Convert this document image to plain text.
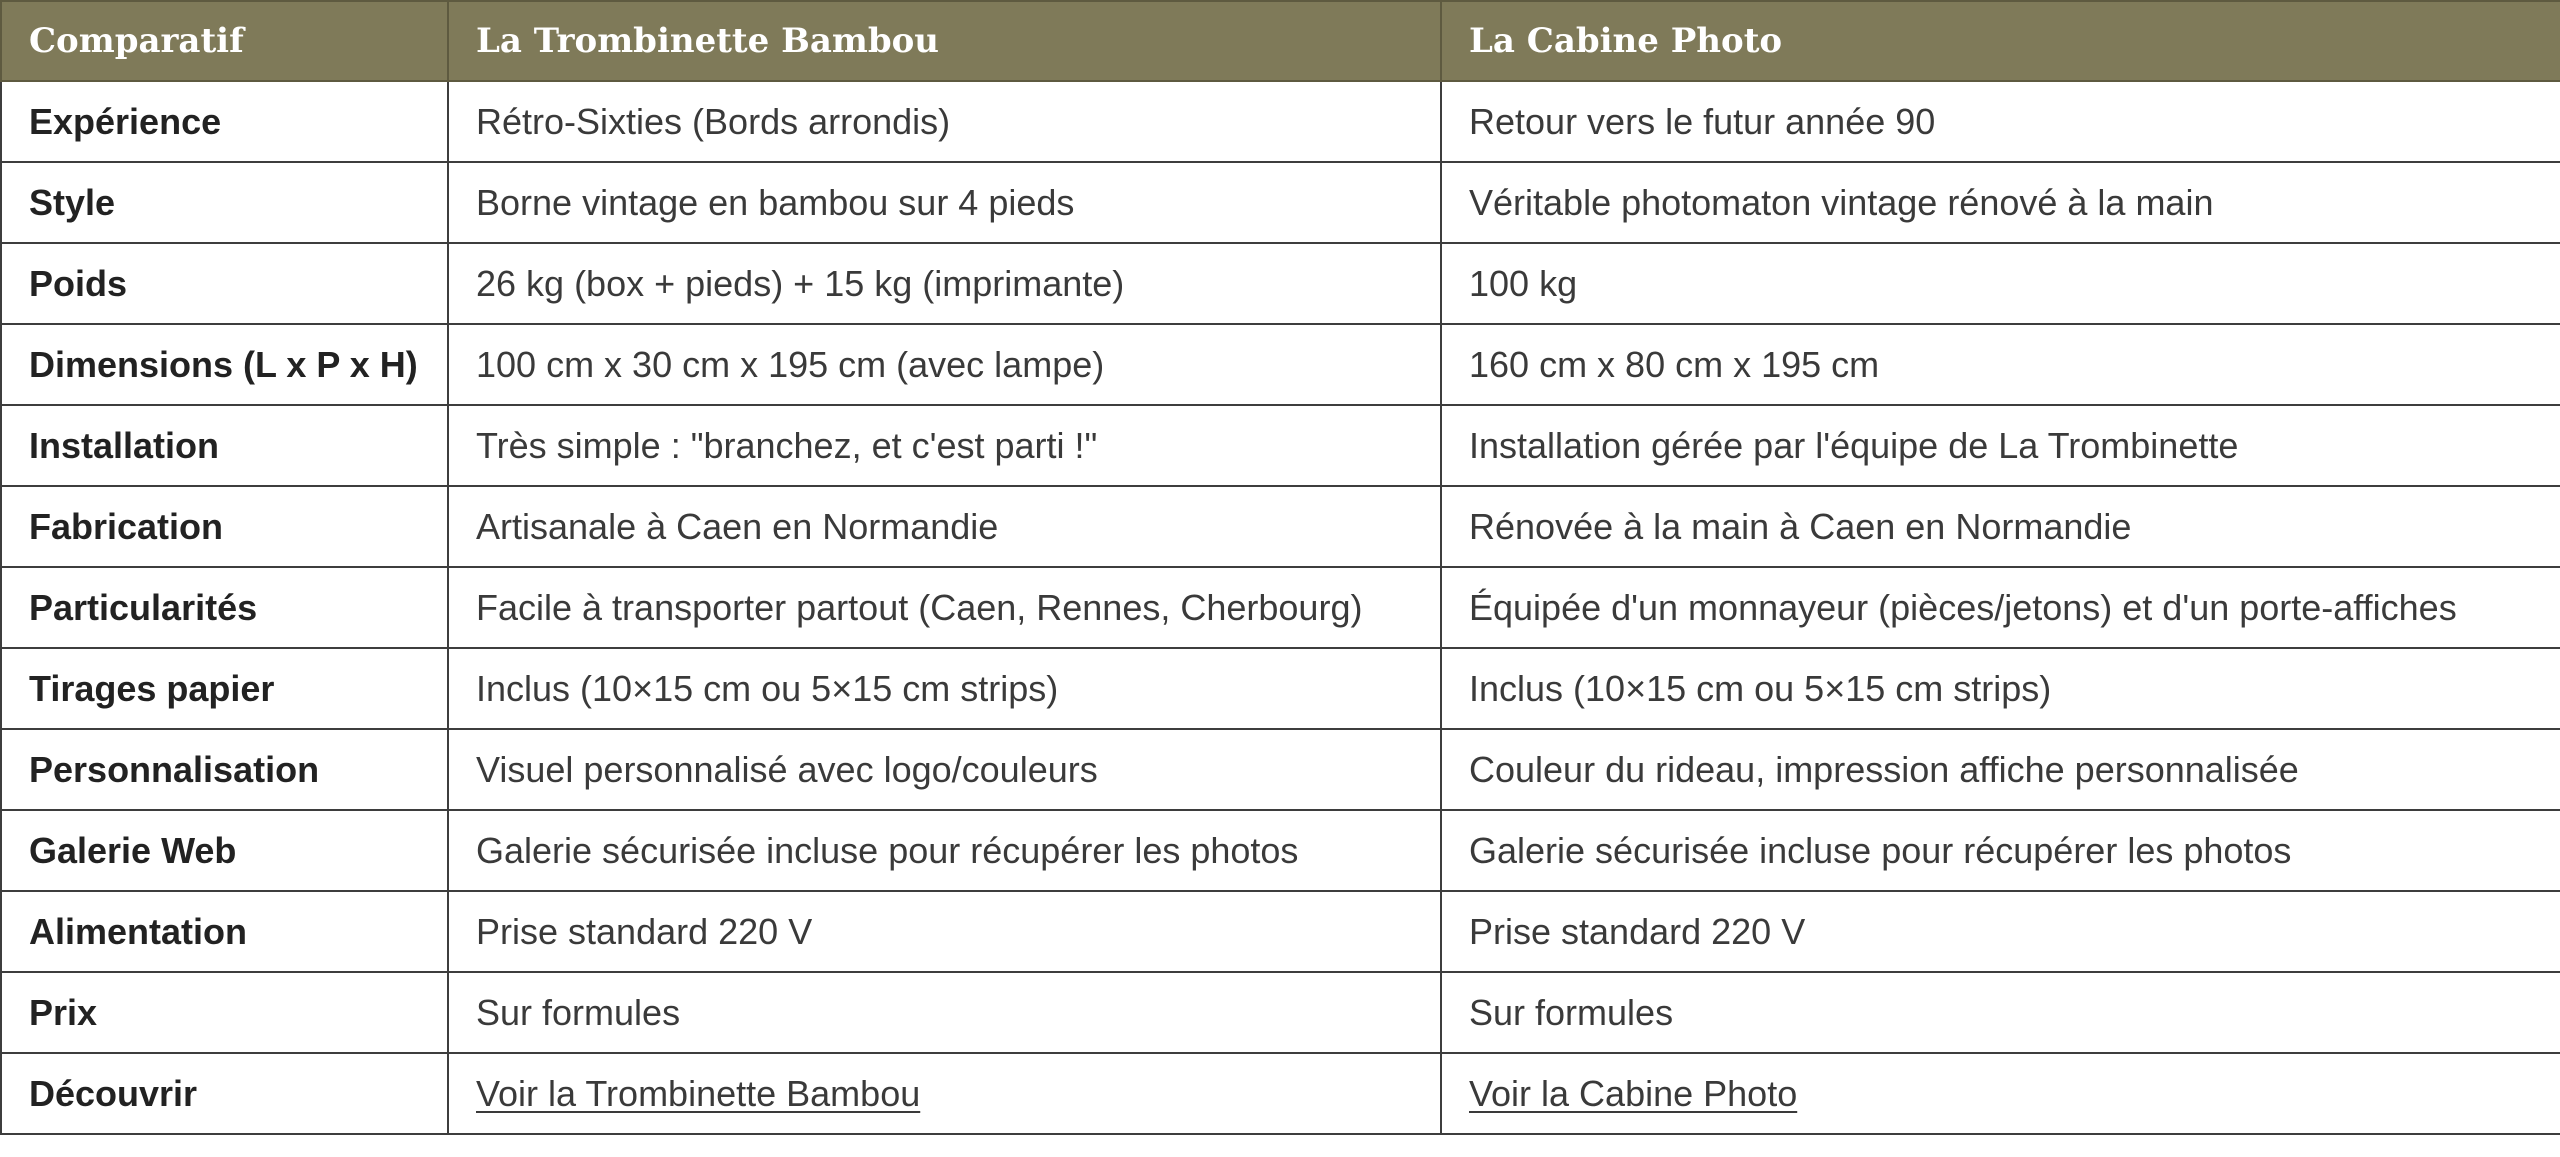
Comparatif	La Trombinette Bambou	La Cabine Photo
Expérience	Rétro-Sixties (Bords arrondis)	Retour vers le futur année 90
Style	Borne vintage en bambou sur 4 pieds	Véritable photomaton vintage rénové à la main
Poids	26 kg (box + pieds) + 15 kg (imprimante)	100 kg
Dimensions (L x P x H)	100 cm x 30 cm x 195 cm (avec lampe)	160 cm x 80 cm x 195 cm
Installation	Très simple : "branchez, et c'est parti !"	Installation gérée par l'équipe de La Trombinette
Fabrication	Artisanale à Caen en Normandie	Rénovée à la main à Caen en Normandie
Particularités	Facile à transporter partout (Caen, Rennes, Cherbourg)	Équipée d'un monnayeur (pièces/jetons) et d'un porte-affiches
Tirages papier	Inclus (10×15 cm ou 5×15 cm strips)	Inclus (10×15 cm ou 5×15 cm strips)
Personnalisation	Visuel personnalisé avec logo/couleurs	Couleur du rideau, impression affiche personnalisée
Galerie Web	Galerie sécurisée incluse pour récupérer les photos	Galerie sécurisée incluse pour récupérer les photos
Alimentation	Prise standard 220 V	Prise standard 220 V
Prix	Sur formules	Sur formules
Découvrir	Voir la Trombinette Bambou	Voir la Cabine Photo
